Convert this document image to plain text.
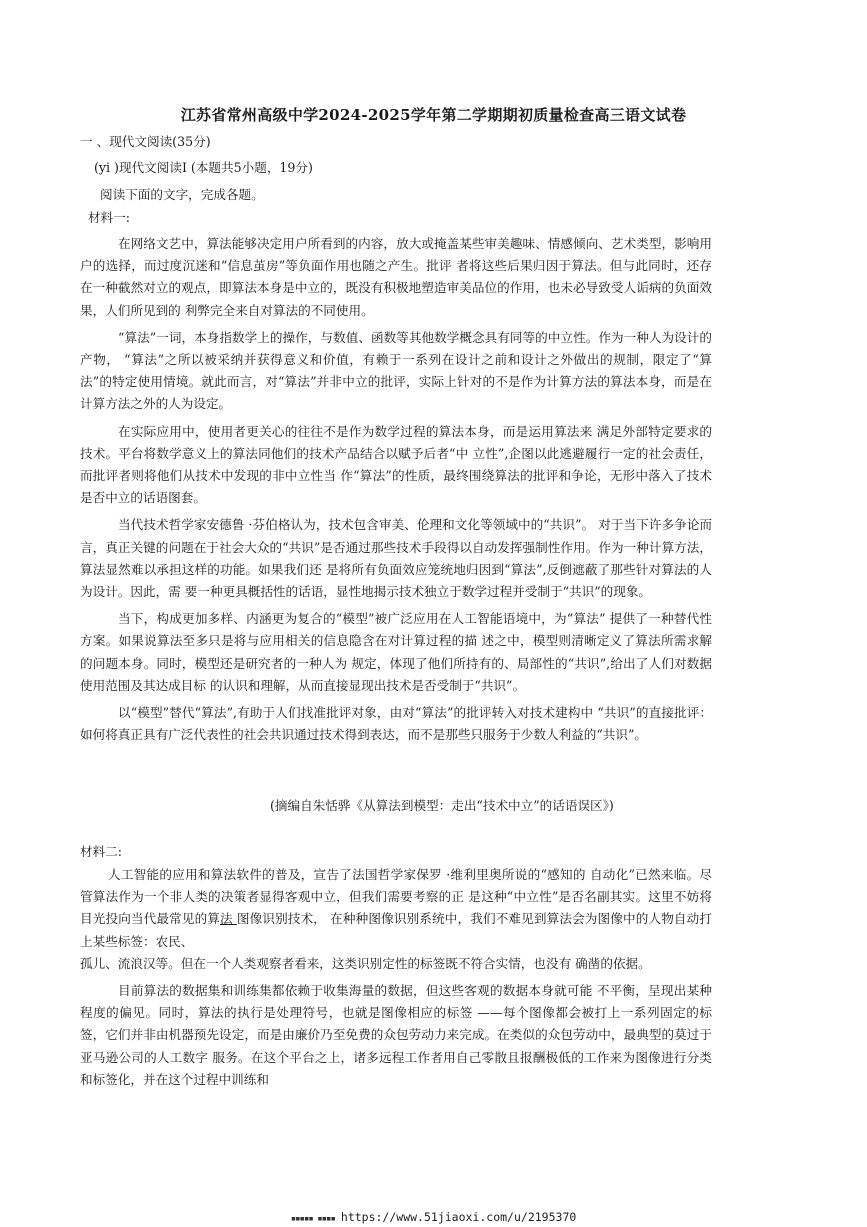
江苏省常州高级中学2024-2025学年第二学期期初质量检查高三语文试卷
一 、现代文阅读(35分)
(yi )现代文阅读Ⅰ (本题共5小题，19分)
阅读下面的文字，完成各题。
材料一:

在网络文艺中，算法能够决定用户所看到的内容，放大或掩盖某些审美趣味、情感倾向、艺术类型，影响用户的选择，而过度沉迷和“信息茧房”等负面作用也随之产生。批评 者将这些后果归因于算法。但与此同时，还存在一种截然对立的观点，即算法本身是中立的，既没有积极地塑造审美品位的作用，也未必导致受人诟病的负面效果，人们所见到的 利弊完全来自对算法的不同使用。

“算法”一词，本身指数学上的操作，与数值、函数等其他数学概念具有同等的中立性。作为一种人为设计的产物， “算法”之所以被采纳并获得意义和价值，有赖于一系列在设计之前和设计之外做出的规制，限定了“算法”的特定使用情境。就此而言，对“算法”并非中立的批评，实际上针对的不是作为计算方法的算法本身，而是在计算方法之外的人为设定。

在实际应用中，使用者更关心的往往不是作为数学过程的算法本身，而是运用算法来 满足外部特定要求的技术。平台将数学意义上的算法同他们的技术产品结合以赋予后者“中 立性”,企图以此逃避履行一定的社会责任，而批评者则将他们从技术中发现的非中立性当 作“算法”的性质，最终围绕算法的批评和争论，无形中落入了技术是否中立的话语图套。

当代技术哲学家安德鲁 ·芬伯格认为，技术包含审美、伦理和文化等领域中的“共识”。 对于当下许多争论而言，真正关键的问题在于社会大众的“共识”是否通过那些技术手段得以自动发挥强制性作用。作为一种计算方法，算法显然难以承担这样的功能。如果我们还 是将所有负面效应笼统地归因到“算法”,反倒遮蔽了那些针对算法的人为设计。因此，需 要一种更具概括性的话语，显性地揭示技术独立于数学过程并受制于“共识”的现象。

当下，构成更加多样、内涵更为复合的“模型”被广泛应用在人工智能语境中，为“算法” 提供了一种替代性方案。如果说算法至多只是将与应用相关的信息隐含在对计算过程的描 述之中，模型则清晰定义了算法所需求解的问题本身。同时，模型还是研究者的一种人为 规定，体现了他们所持有的、局部性的“共识”,给出了人们对数据使用范围及其达成目标 的认识和理解，从而直接显现出技术是否受制于“共识”。

以“模型”替代“算法”,有助于人们找准批评对象，由对“算法”的批评转入对技术建构中 “共识”的直接批评：如何将真正具有广泛代表性的社会共识通过技术得到表达，而不是那些只服务于少数人利益的“共识”。

(摘编自朱恬骅《从算法到模型：走出“技术中立”的话语误区》)
材料二:

人工智能的应用和算法软件的普及，宣告了法国哲学家保罗 ·维利里奥所说的“感知的 自动化”已然来临。尽管算法作为一个非人类的决策者显得客观中立，但我们需要考察的正 是这种“中立性”是否名副其实。这里不妨将目光投向当代最常见的算法 图像识别技术， 在种种图像识别系统中，我们不难见到算法会为图像中的人物自动打上某些标签：农民、

孤儿、流浪汉等。但在一个人类观察者看来，这类识别定性的标签既不符合实情，也没有 确凿的依据。

目前算法的数据集和训练集都依赖于收集海量的数据，但这些客观的数据本身就可能 不平衡，呈现出某种程度的偏见。同时，算法的执行是处理符号，也就是图像相应的标签 ——每个图像都会被打上一系列固定的标签，它们并非由机器预先设定，而是由廉价乃至免费的众包劳动力来完成。在类似的众包劳动中，最典型的莫过于亚马逊公司的人工数字 服务。在这个平台之上，诸多远程工作者用自己零散且报酬极低的工作来为图像进行分类 和标签化，并在这个过程中训练和

▪▪▪▪▪ ▪▪▪▪ https://www.51jiaoxi.com/u/2195370
